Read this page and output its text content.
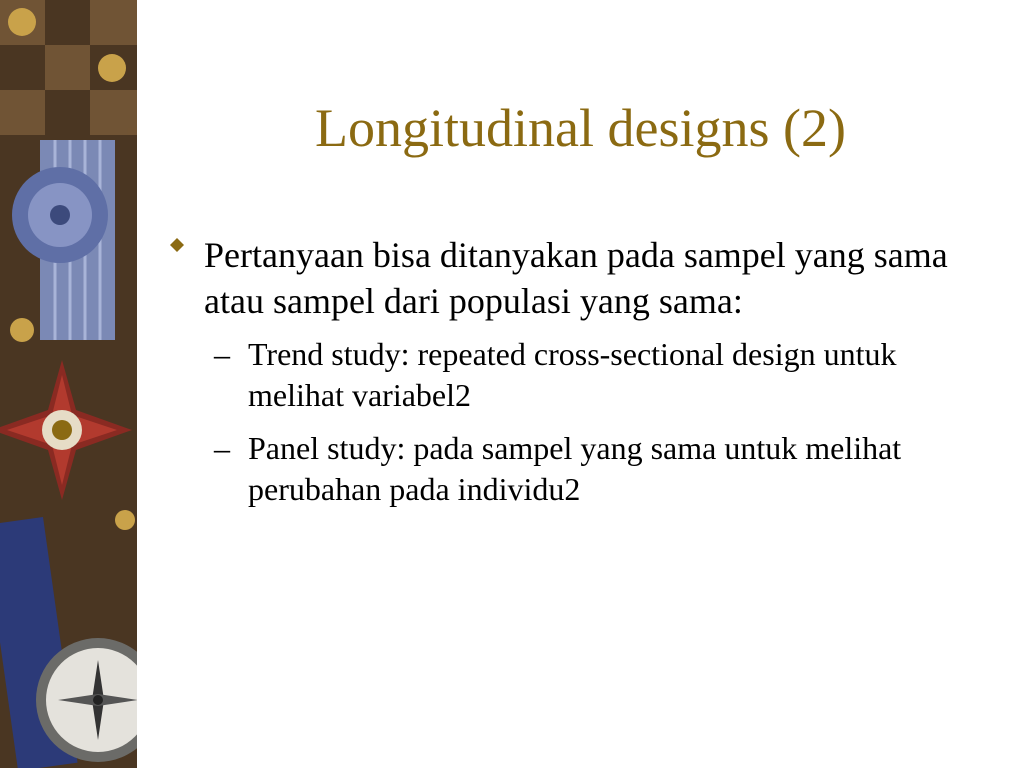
Longitudinal designs (2)
Pertanyaan bisa ditanyakan pada sampel yang sama atau sampel dari populasi yang sama:
– Trend study: repeated cross-sectional design untuk melihat variabel2
– Panel study: pada sampel yang sama untuk melihat perubahan pada individu2
